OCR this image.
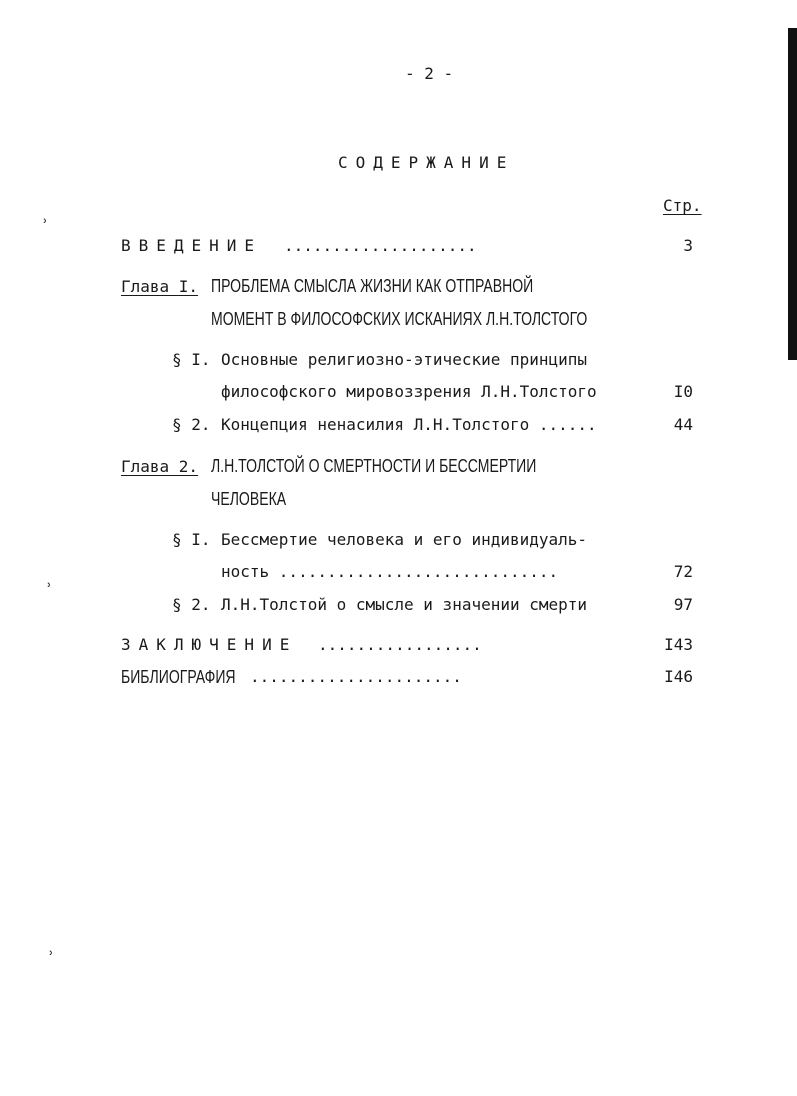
˒
˒
˒
- 2 -
СОДЕРЖАНИЕ
Стр.
ВВЕДЕНИЕ ....................	3
Глава I. ПРОБЛЕМА СМЫСЛА ЖИЗНИ КАК ОТПРАВНОЙ
МОМЕНТ В ФИЛОСОФСКИХ ИСКАНИЯХ Л.Н.ТОЛСТОГО
§ I. Основные религиозно-этические принципы
философского мировоззрения Л.Н.Толстого	I0
§ 2. Концепция ненасилия Л.Н.Толстого ......	44
Глава 2. Л.Н.ТОЛСТОЙ О СМЕРТНОСТИ И БЕССМЕРТИИ
ЧЕЛОВЕКА
§ I. Бессмертие человека и его индивидуаль-
ность .............................	72
§ 2. Л.Н.Толстой о смысле и значении смерти	97
ЗАКЛЮЧЕНИЕ .................	I43
БИБЛИОГРАФИЯ ......................	I46
